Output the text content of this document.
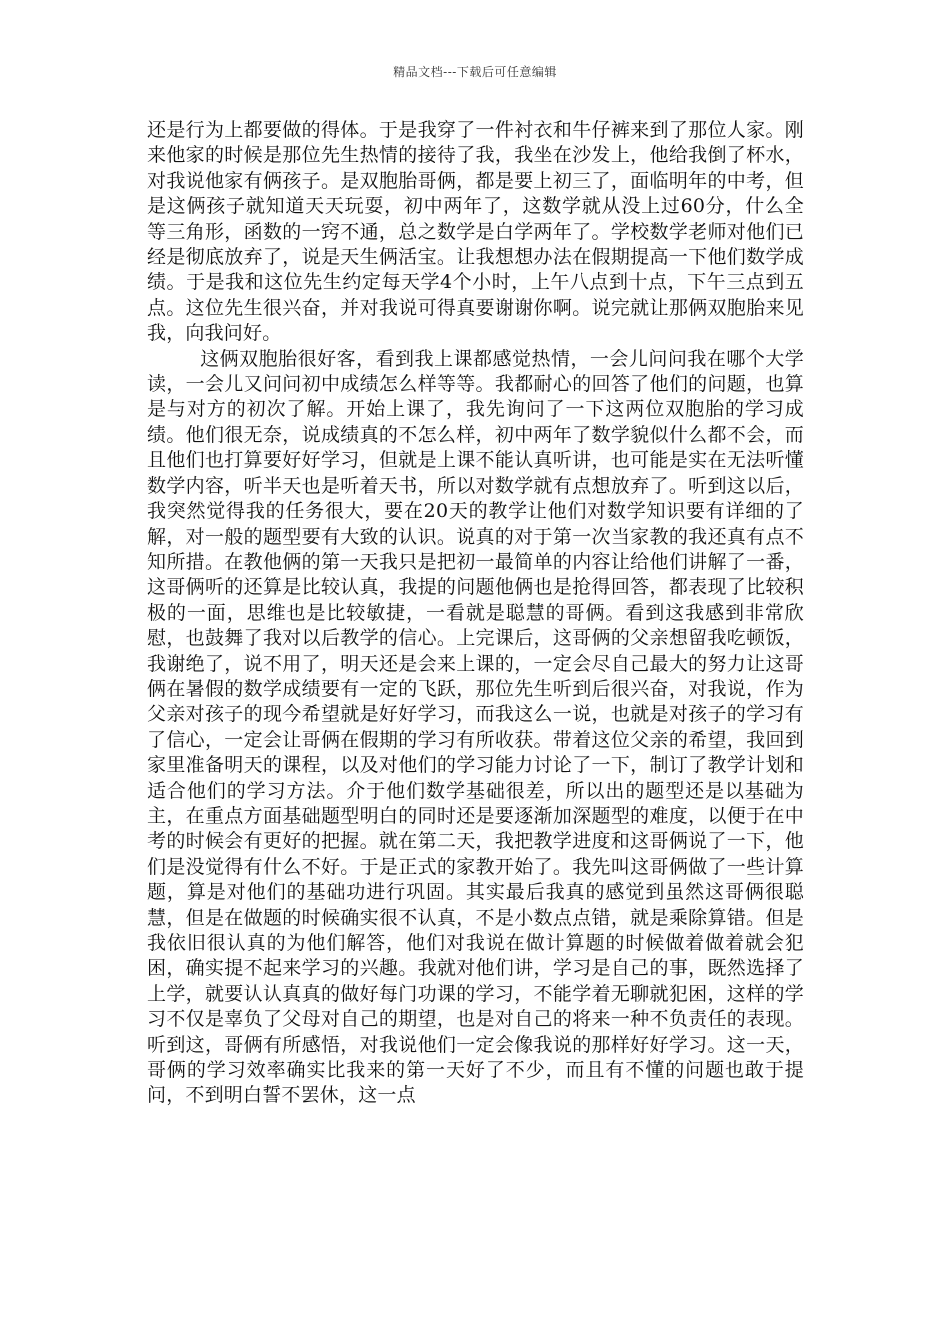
精品文档---下载后可任意编辑

还是行为上都要做的得体。于是我穿了一件衬衣和牛仔裤来到了那位人家。刚来他家的时候是那位先生热情的接待了我，我坐在沙发上，他给我倒了杯水，对我说他家有俩孩子。是双胞胎哥俩，都是要上初三了，面临明年的中考，但是这俩孩子就知道天天玩耍，初中两年了，这数学就从没上过60分，什么全等三角形，函数的一窍不通，总之数学是白学两年了。学校数学老师对他们已经是彻底放弃了，说是天生俩活宝。让我想想办法在假期提高一下他们数学成绩。于是我和这位先生约定每天学4个小时，上午八点到十点，下午三点到五点。这位先生很兴奋，并对我说可得真要谢谢你啊。说完就让那俩双胞胎来见我，向我问好。

这俩双胞胎很好客，看到我上课都感觉热情，一会儿问问我在哪个大学读，一会儿又问问初中成绩怎么样等等。我都耐心的回答了他们的问题，也算是与对方的初次了解。开始上课了，我先询问了一下这两位双胞胎的学习成绩。他们很无奈，说成绩真的不怎么样，初中两年了数学貌似什么都不会，而且他们也打算要好好学习，但就是上课不能认真听讲，也可能是实在无法听懂数学内容，听半天也是听着天书，所以对数学就有点想放弃了。听到这以后，我突然觉得我的任务很大，要在20天的教学让他们对数学知识要有详细的了解，对一般的题型要有大致的认识。说真的对于第一次当家教的我还真有点不知所措。在教他俩的第一天我只是把初一最简单的内容让给他们讲解了一番，这哥俩听的还算是比较认真，我提的问题他俩也是抢得回答，都表现了比较积极的一面，思维也是比较敏捷，一看就是聪慧的哥俩。看到这我感到非常欣慰，也鼓舞了我对以后教学的信心。上完课后，这哥俩的父亲想留我吃顿饭，我谢绝了，说不用了，明天还是会来上课的，一定会尽自己最大的努力让这哥俩在暑假的数学成绩要有一定的飞跃，那位先生听到后很兴奋，对我说，作为父亲对孩子的现今希望就是好好学习，而我这么一说，也就是对孩子的学习有了信心，一定会让哥俩在假期的学习有所收获。带着这位父亲的希望，我回到家里准备明天的课程，以及对他们的学习能力讨论了一下，制订了教学计划和适合他们的学习方法。介于他们数学基础很差，所以出的题型还是以基础为主，在重点方面基础题型明白的同时还是要逐渐加深题型的难度，以便于在中考的时候会有更好的把握。就在第二天，我把教学进度和这哥俩说了一下，他们是没觉得有什么不好。于是正式的家教开始了。我先叫这哥俩做了一些计算题，算是对他们的基础功进行巩固。其实最后我真的感觉到虽然这哥俩很聪慧，但是在做题的时候确实很不认真，不是小数点点错，就是乘除算错。但是我依旧很认真的为他们解答，他们对我说在做计算题的时候做着做着就会犯困，确实提不起来学习的兴趣。我就对他们讲，学习是自己的事，既然选择了上学，就要认认真真的做好每门功课的学习，不能学着无聊就犯困，这样的学习不仅是辜负了父母对自己的期望，也是对自己的将来一种不负责任的表现。听到这，哥俩有所感悟，对我说他们一定会像我说的那样好好学习。这一天，哥俩的学习效率确实比我来的第一天好了不少，而且有不懂的问题也敢于提问，不到明白誓不罢休，这一点
